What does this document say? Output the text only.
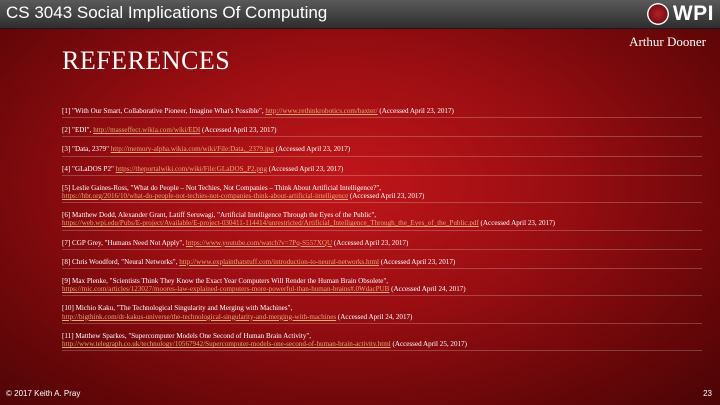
CS 3043 Social Implications Of Computing	WPI
Arthur Dooner
REFERENCES
[1] "With Our Smart, Collaborative Pioneer, Imagine What's Possible", http://www.rethinkrobotics.com/baxter/ (Accessed April 23, 2017)
[2] "EDI", http://masseffect.wikia.com/wiki/EDI (Accessed April 23, 2017)
[3] "Data, 2379" http://memory-alpha.wikia.com/wiki/File:Data,_2379.jpg (Accessed April 23, 2017)
[4] "GLaDOS P2" https://theportalwiki.com/wiki/File:GLaDOS_P2.png (Accessed April 23, 2017)
[5] Leslie Gaines-Ross, "What do People – Not Techies, Not Companies – Think About Artificial Intelligence?",
https://hbr.org/2016/10/what-do-people-not-techies-not-companies-think-about-artificial-intelligence (Accessed April 23, 2017)
[6] Matthew Dodd, Alexander Grant, Latiff Seruwagi, "Artificial Intelligence Through the Eyes of the Public",
https://web.wpi.edu/Pubs/E-project/Available/E-project-030411-114414/unrestricted/Artificial_Intelligence_Through_the_Eyes_of_the_Public.pdf (Accessed April 23, 2017)
[7] CGP Grey, "Humans Need Not Apply", https://www.youtube.com/watch?v=7Pq-S557XQU (Accessed April 23, 2017)
[8] Chris Woodford, "Neural Networks", http://www.explainthatstuff.com/introduction-to-neural-networks.html (Accessed April 23, 2017)
[9] Max Plenke, "Scientists Think They Know the Exact Year Computers Will Render the Human Brain Obsolete",
https://mic.com/articles/123027/moores-law-explained-computers-more-powerful-than-human-brains#.0WdacPUB (Accessed April 24, 2017)
[10] Michio Kaku, "The Technological Singularity and Merging with Machines",
http://bigthink.com/dr-kakus-universe/the-technological-singularity-and-merging-with-machines (Accessed April 24, 2017)
[11] Matthew Sparkes, "Supercomputer Models One Second of Human Brain Activity",
http://www.telegraph.co.uk/technology/10567942/Supercomputer-models-one-second-of-human-brain-activity.html (Accessed April 25, 2017)
© 2017 Keith A. Pray	23
